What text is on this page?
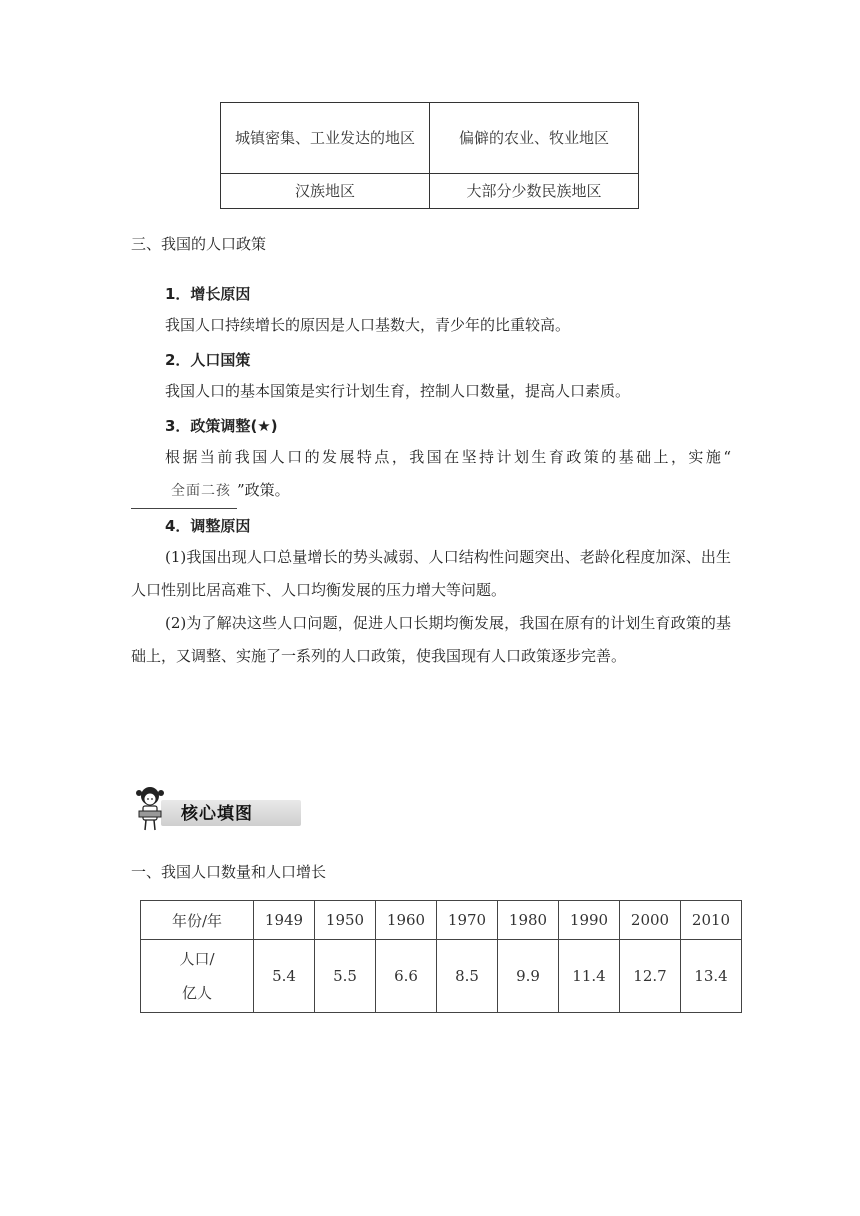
城镇密集、工业发达的地区	偏僻的农业、牧业地区
汉族地区	大部分少数民族地区
三、我国的人口政策
1．增长原因
我国人口持续增长的原因是人口基数大，青少年的比重较高。
2．人口国策
我国人口的基本国策是实行计划生育，控制人口数量，提高人口素质。
3．政策调整(★)
根据当前我国人口的发展特点，我国在坚持计划生育政策的基础上，实施“全面二孩 ”政策。
4．调整原因
(1)我国出现人口总量增长的势头减弱、人口结构性问题突出、老龄化程度加深、出生人口性别比居高难下、人口均衡发展的压力增大等问题。
(2)为了解决这些人口问题，促进人口长期均衡发展，我国在原有的计划生育政策的基础上，又调整、实施了一系列的人口政策，使我国现有人口政策逐步完善。
核心填图
一、我国人口数量和人口增长
年份/年	1949	1950	1960	1970	1980	1990	2000	2010
人口/
亿人	5.4	5.5	6.6	8.5	9.9	11.4	12.7	13.4
